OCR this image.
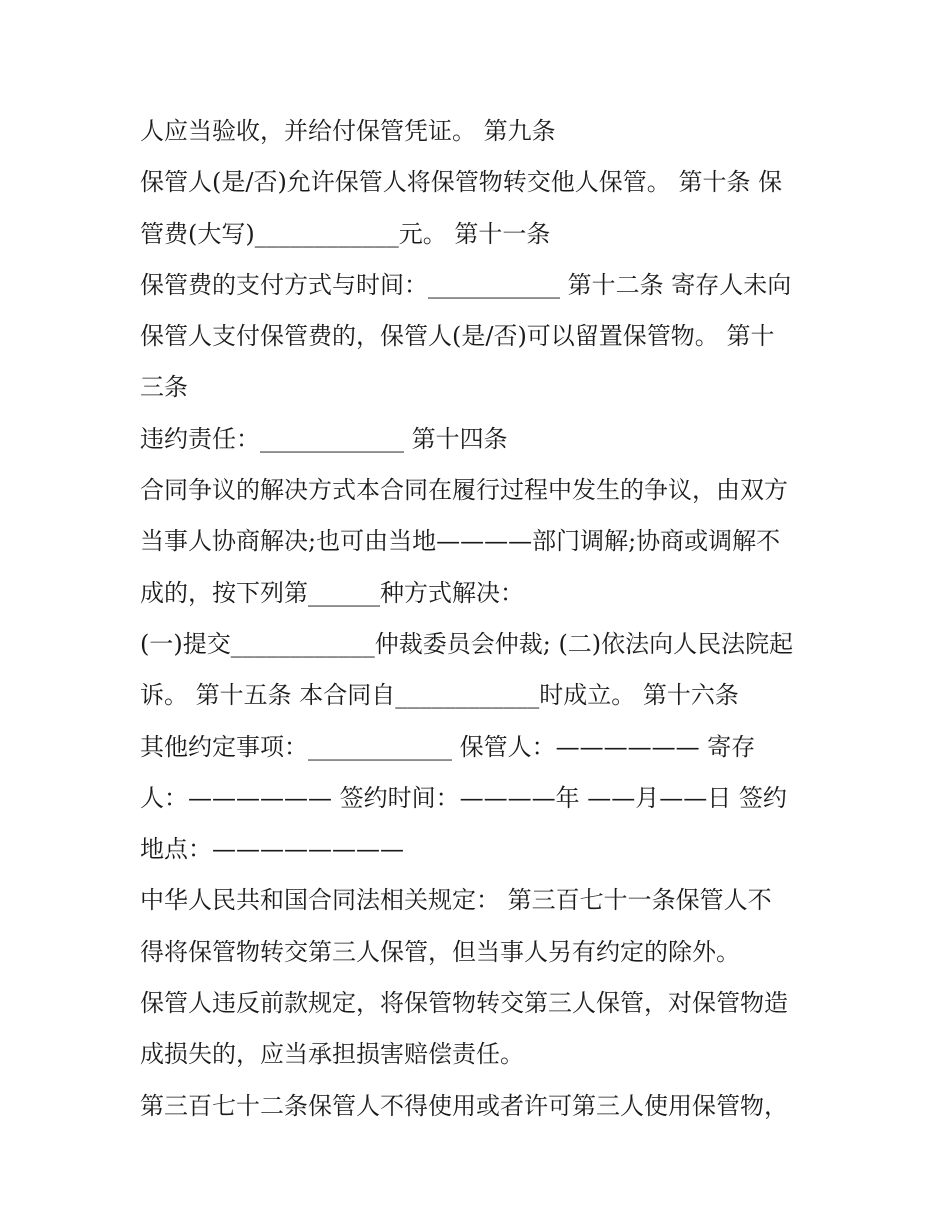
人应当验收，并给付保管凭证。 第九条
保管人(是/否)允许保管人将保管物转交他人保管。 第十条 保
管费(大写)____________元。 第十一条
保管费的支付方式与时间：___________ 第十二条 寄存人未向
保管人支付保管费的，保管人(是/否)可以留置保管物。 第十
三条
违约责任：____________ 第十四条
合同争议的解决方式本合同在履行过程中发生的争议，由双方
当事人协商解决;也可由当地————部门调解;协商或调解不
成的，按下列第______种方式解决：
(一)提交____________仲裁委员会仲裁; (二)依法向人民法院起
诉。 第十五条 本合同自____________时成立。 第十六条
其他约定事项：____________ 保管人：—————— 寄存
人：—————— 签约时间：————年 ——月——日 签约
地点：————————
中华人民共和国合同法相关规定： 第三百七十一条保管人不
得将保管物转交第三人保管，但当事人另有约定的除外。
保管人违反前款规定，将保管物转交第三人保管，对保管物造
成损失的，应当承担损害赔偿责任。
第三百七十二条保管人不得使用或者许可第三人使用保管物，
